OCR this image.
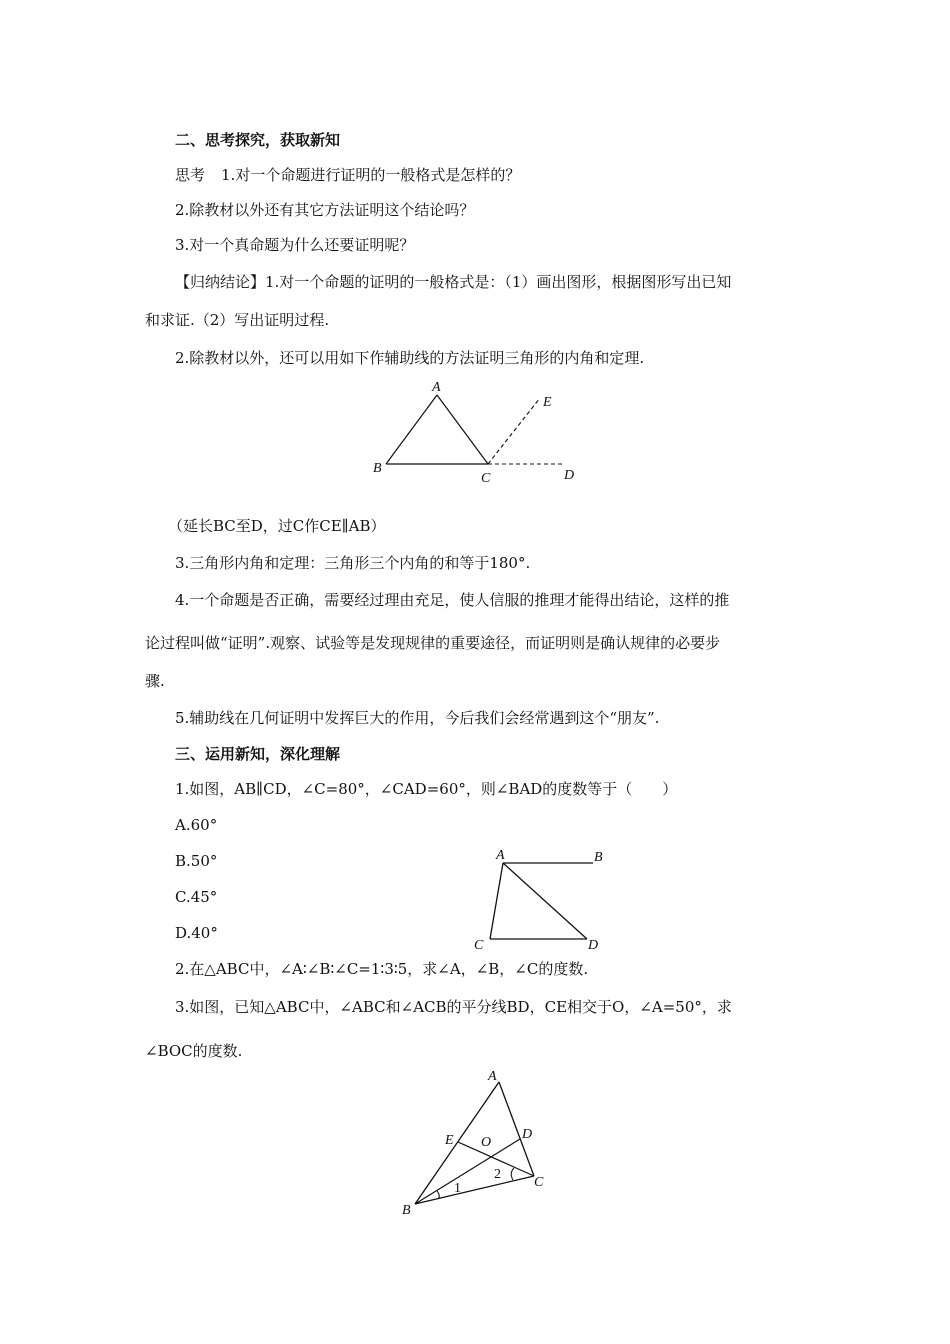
二、思考探究，获取新知
思考 1.对一个命题进行证明的一般格式是怎样的？
2.除教材以外还有其它方法证明这个结论吗？
3.对一个真命题为什么还要证明呢？
【归纳结论】1.对一个命题的证明的一般格式是：（1）画出图形，根据图形写出已知
和求证.（2）写出证明过程.
2.除教材以外，还可以用如下作辅助线的方法证明三角形的内角和定理.
A
B
C	D
E
（延长BC至D，过C作CE∥AB）
3.三角形内角和定理：三角形三个内角的和等于180°.
4.一个命题是否正确，需要经过理由充足，使人信服的推理才能得出结论，这样的推
论过程叫做“证明”.观察、试验等是发现规律的重要途径，而证明则是确认规律的必要步
骤.
5.辅助线在几何证明中发挥巨大的作用，今后我们会经常遇到这个“朋友”.
三、运用新知，深化理解
1.如图，AB∥CD，∠C=80°，∠CAD=60°，则∠BAD的度数等于（　　）
A.60°
B.50°
C.45°
D.40°
A	B
C	D
2.在△ABC中，∠A∶∠B∶∠C=1∶3∶5，求∠A，∠B，∠C的度数.
3.如图，已知△ABC中，∠ABC和∠ACB的平分线BD，CE相交于O，∠A=50°，求
∠BOC的度数.
A
B
C
D
E O
1
2
